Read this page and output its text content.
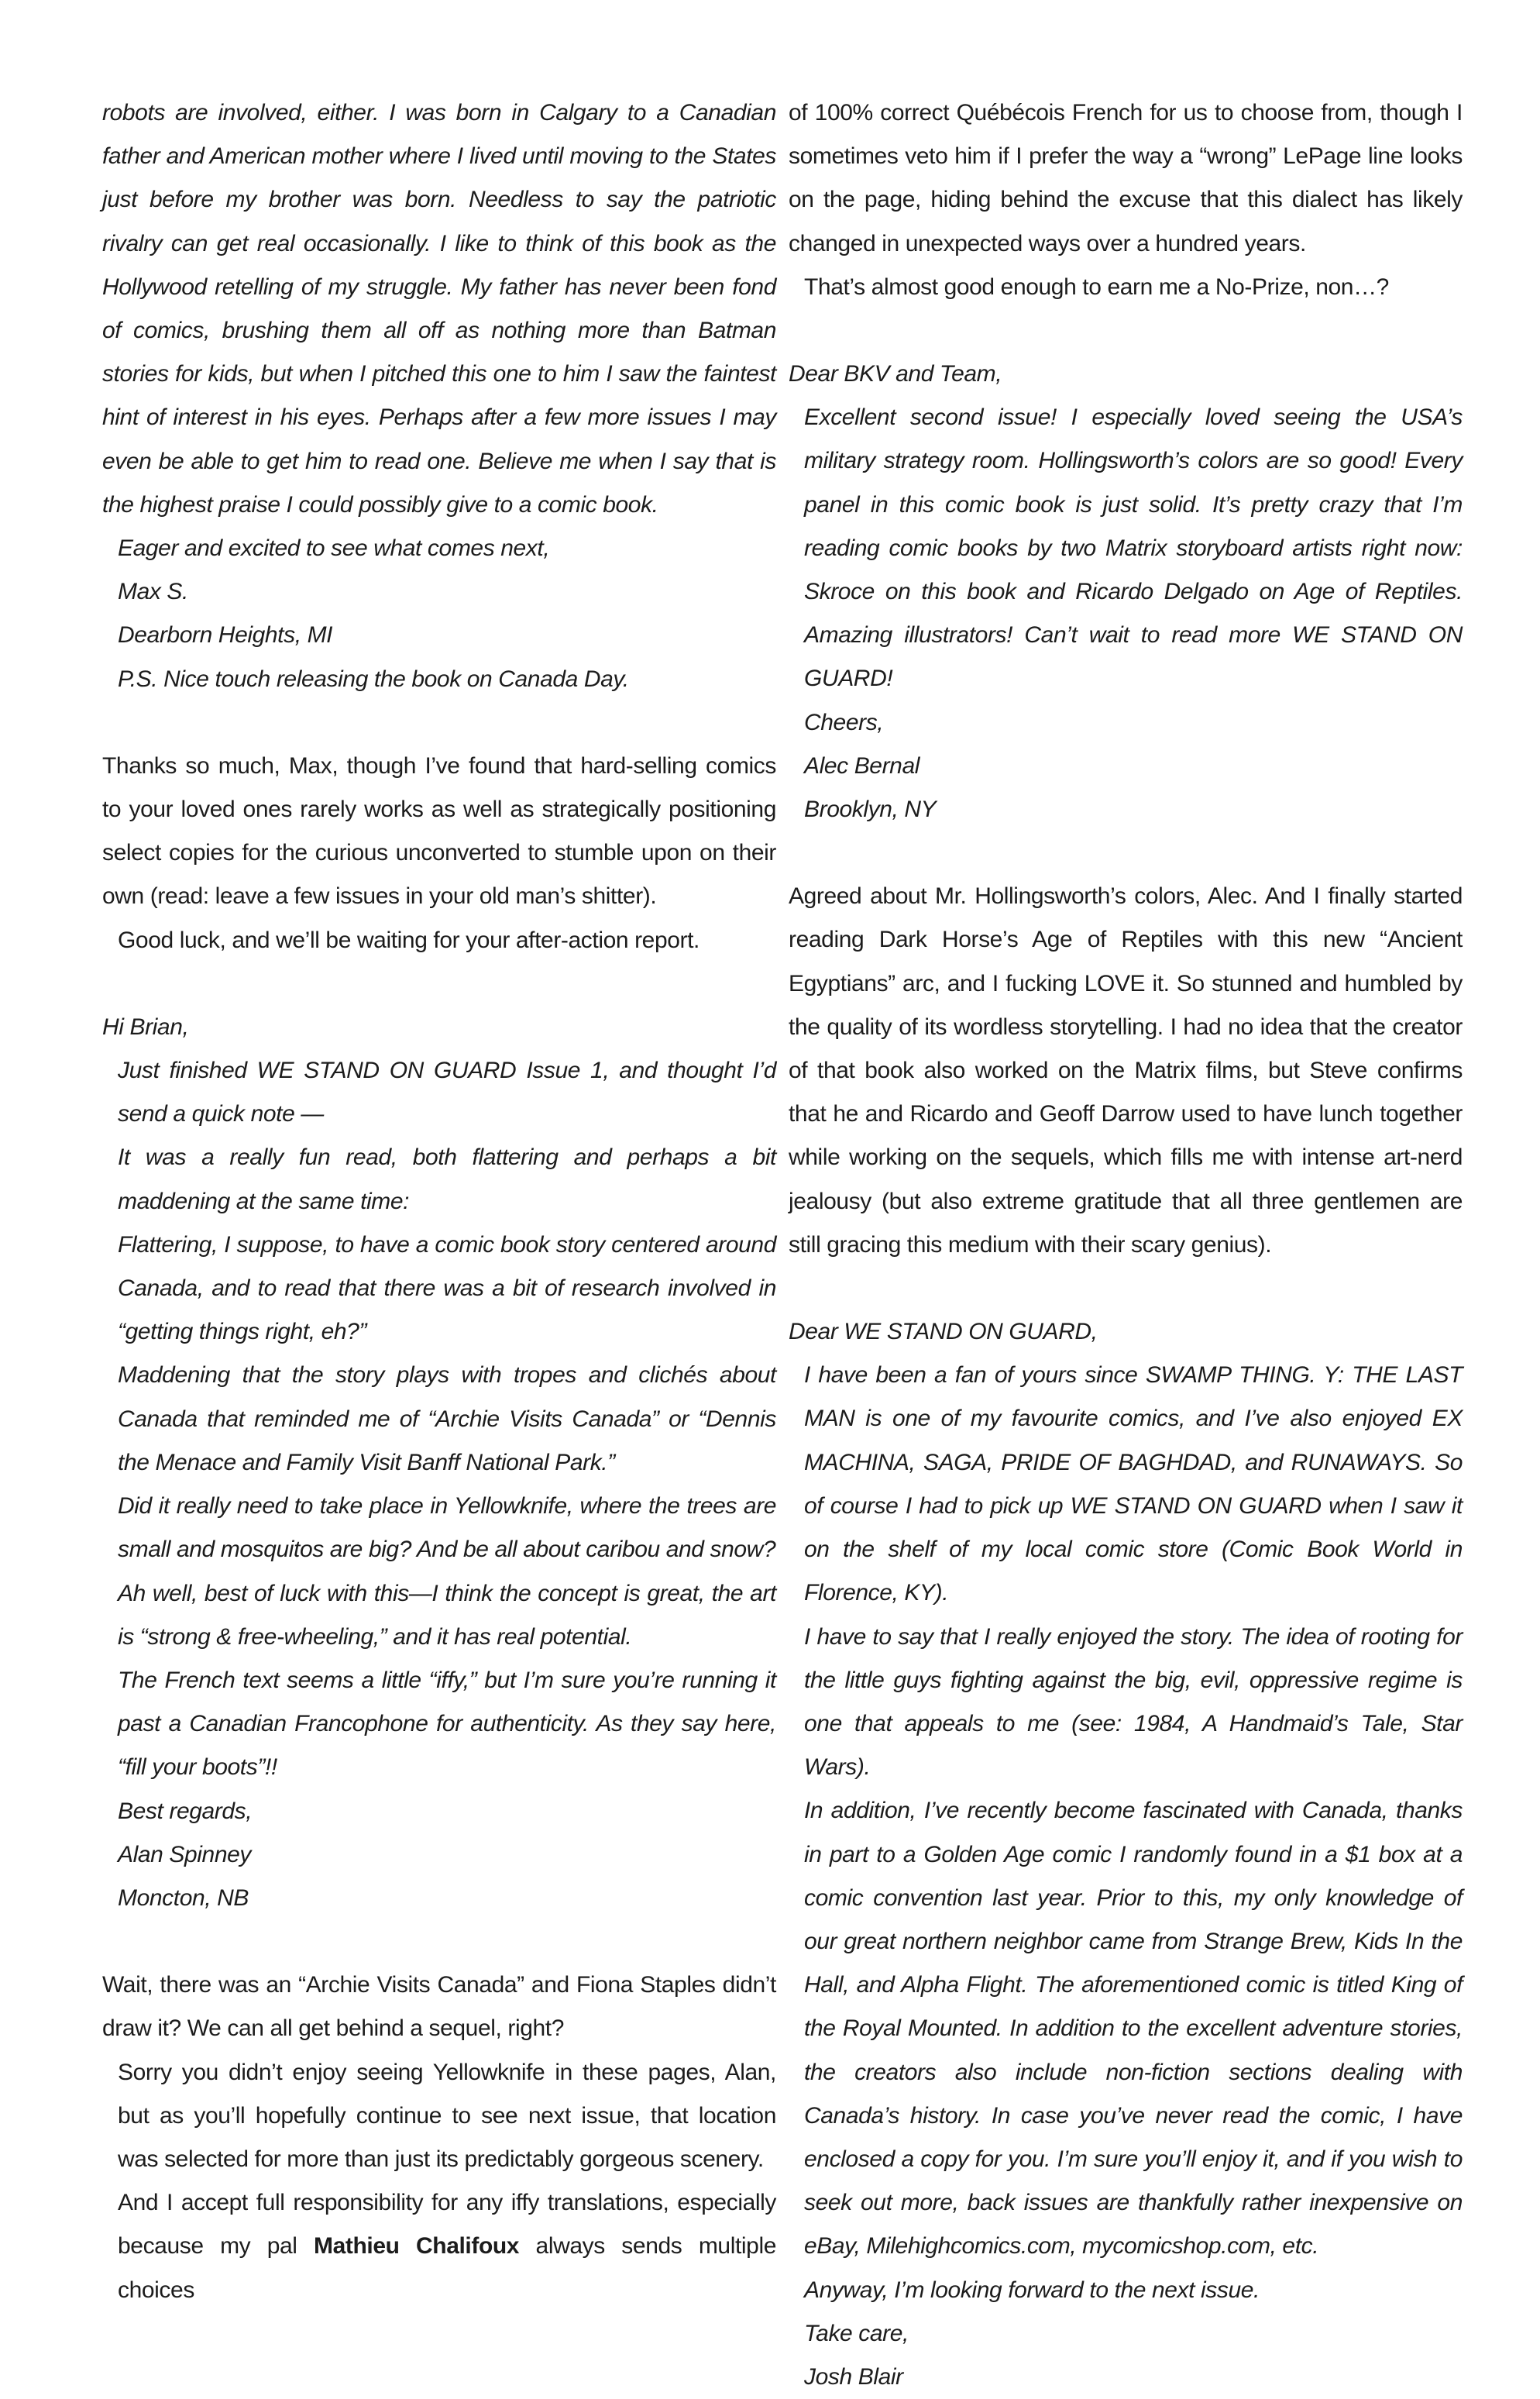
robots are involved, either. I was born in Calgary to a Canadian father and American mother where I lived until moving to the States just before my brother was born. Needless to say the patriotic rivalry can get real occasionally. I like to think of this book as the Hollywood retelling of my struggle. My father has never been fond of comics, brushing them all off as nothing more than Batman stories for kids, but when I pitched this one to him I saw the faintest hint of interest in his eyes. Perhaps after a few more issues I may even be able to get him to read one. Believe me when I say that is the highest praise I could possibly give to a comic book.

Eager and excited to see what comes next,

Max S.

Dearborn Heights, MI

P.S. Nice touch releasing the book on Canada Day.

Thanks so much, Max, though I’ve found that hard-selling comics to your loved ones rarely works as well as strategically positioning select copies for the curious unconverted to stumble upon on their own (read: leave a few issues in your old man’s shitter).

Good luck, and we’ll be waiting for your after-action report.

Hi Brian,

Just finished WE STAND ON GUARD Issue 1, and thought I’d send a quick note —

It was a really fun read, both flattering and perhaps a bit maddening at the same time:

Flattering, I suppose, to have a comic book story centered around Canada, and to read that there was a bit of research involved in “getting things right, eh?”

Maddening that the story plays with tropes and clichés about Canada that reminded me of “Archie Visits Canada” or “Dennis the Menace and Family Visit Banff National Park.”

Did it really need to take place in Yellowknife, where the trees are small and mosquitos are big? And be all about caribou and snow?

Ah well, best of luck with this—I think the concept is great, the art is “strong & free-wheeling,” and it has real potential.

The French text seems a little “iffy,” but I’m sure you’re running it past a Canadian Francophone for authenticity. As they say here, “fill your boots”!!

Best regards,

Alan Spinney

Moncton, NB

Wait, there was an “Archie Visits Canada” and Fiona Staples didn’t draw it? We can all get behind a sequel, right?

Sorry you didn’t enjoy seeing Yellowknife in these pages, Alan, but as you’ll hopefully continue to see next issue, that location was selected for more than just its predictably gorgeous scenery.

And I accept full responsibility for any iffy translations, especially because my pal Mathieu Chalifoux always sends multiple choices

of 100% correct Québécois French for us to choose from, though I sometimes veto him if I prefer the way a “wrong” LePage line looks on the page, hiding behind the excuse that this dialect has likely changed in unexpected ways over a hundred years.

That’s almost good enough to earn me a No-Prize, non…?

Dear BKV and Team,

Excellent second issue! I especially loved seeing the USA’s military strategy room. Hollingsworth’s colors are so good! Every panel in this comic book is just solid. It’s pretty crazy that I’m reading comic books by two Matrix storyboard artists right now: Skroce on this book and Ricardo Delgado on Age of Reptiles. Amazing illustrators! Can’t wait to read more WE STAND ON GUARD!

Cheers,

Alec Bernal

Brooklyn, NY

Agreed about Mr. Hollingsworth’s colors, Alec. And I finally started reading Dark Horse’s Age of Reptiles with this new “Ancient Egyptians” arc, and I fucking LOVE it. So stunned and humbled by the quality of its wordless storytelling. I had no idea that the creator of that book also worked on the Matrix films, but Steve confirms that he and Ricardo and Geoff Darrow used to have lunch together while working on the sequels, which fills me with intense art-nerd jealousy (but also extreme gratitude that all three gentlemen are still gracing this medium with their scary genius).

Dear WE STAND ON GUARD,

I have been a fan of yours since SWAMP THING. Y: THE LAST MAN is one of my favourite comics, and I’ve also enjoyed EX MACHINA, SAGA, PRIDE OF BAGHDAD, and RUNAWAYS. So of course I had to pick up WE STAND ON GUARD when I saw it on the shelf of my local comic store (Comic Book World in Florence, KY).

I have to say that I really enjoyed the story. The idea of rooting for the little guys fighting against the big, evil, oppressive regime is one that appeals to me (see: 1984, A Handmaid’s Tale, Star Wars).

In addition, I’ve recently become fascinated with Canada, thanks in part to a Golden Age comic I randomly found in a $1 box at a comic convention last year. Prior to this, my only knowledge of our great northern neighbor came from Strange Brew, Kids In the Hall, and Alpha Flight. The aforementioned comic is titled King of the Royal Mounted. In addition to the excellent adventure stories, the creators also include non-fiction sections dealing with Canada’s history. In case you’ve never read the comic, I have enclosed a copy for you. I’m sure you’ll enjoy it, and if you wish to seek out more, back issues are thankfully rather inexpensive on eBay, Milehighcomics.com, mycomicshop.com, etc.

Anyway, I’m looking forward to the next issue.

Take care,

Josh Blair
